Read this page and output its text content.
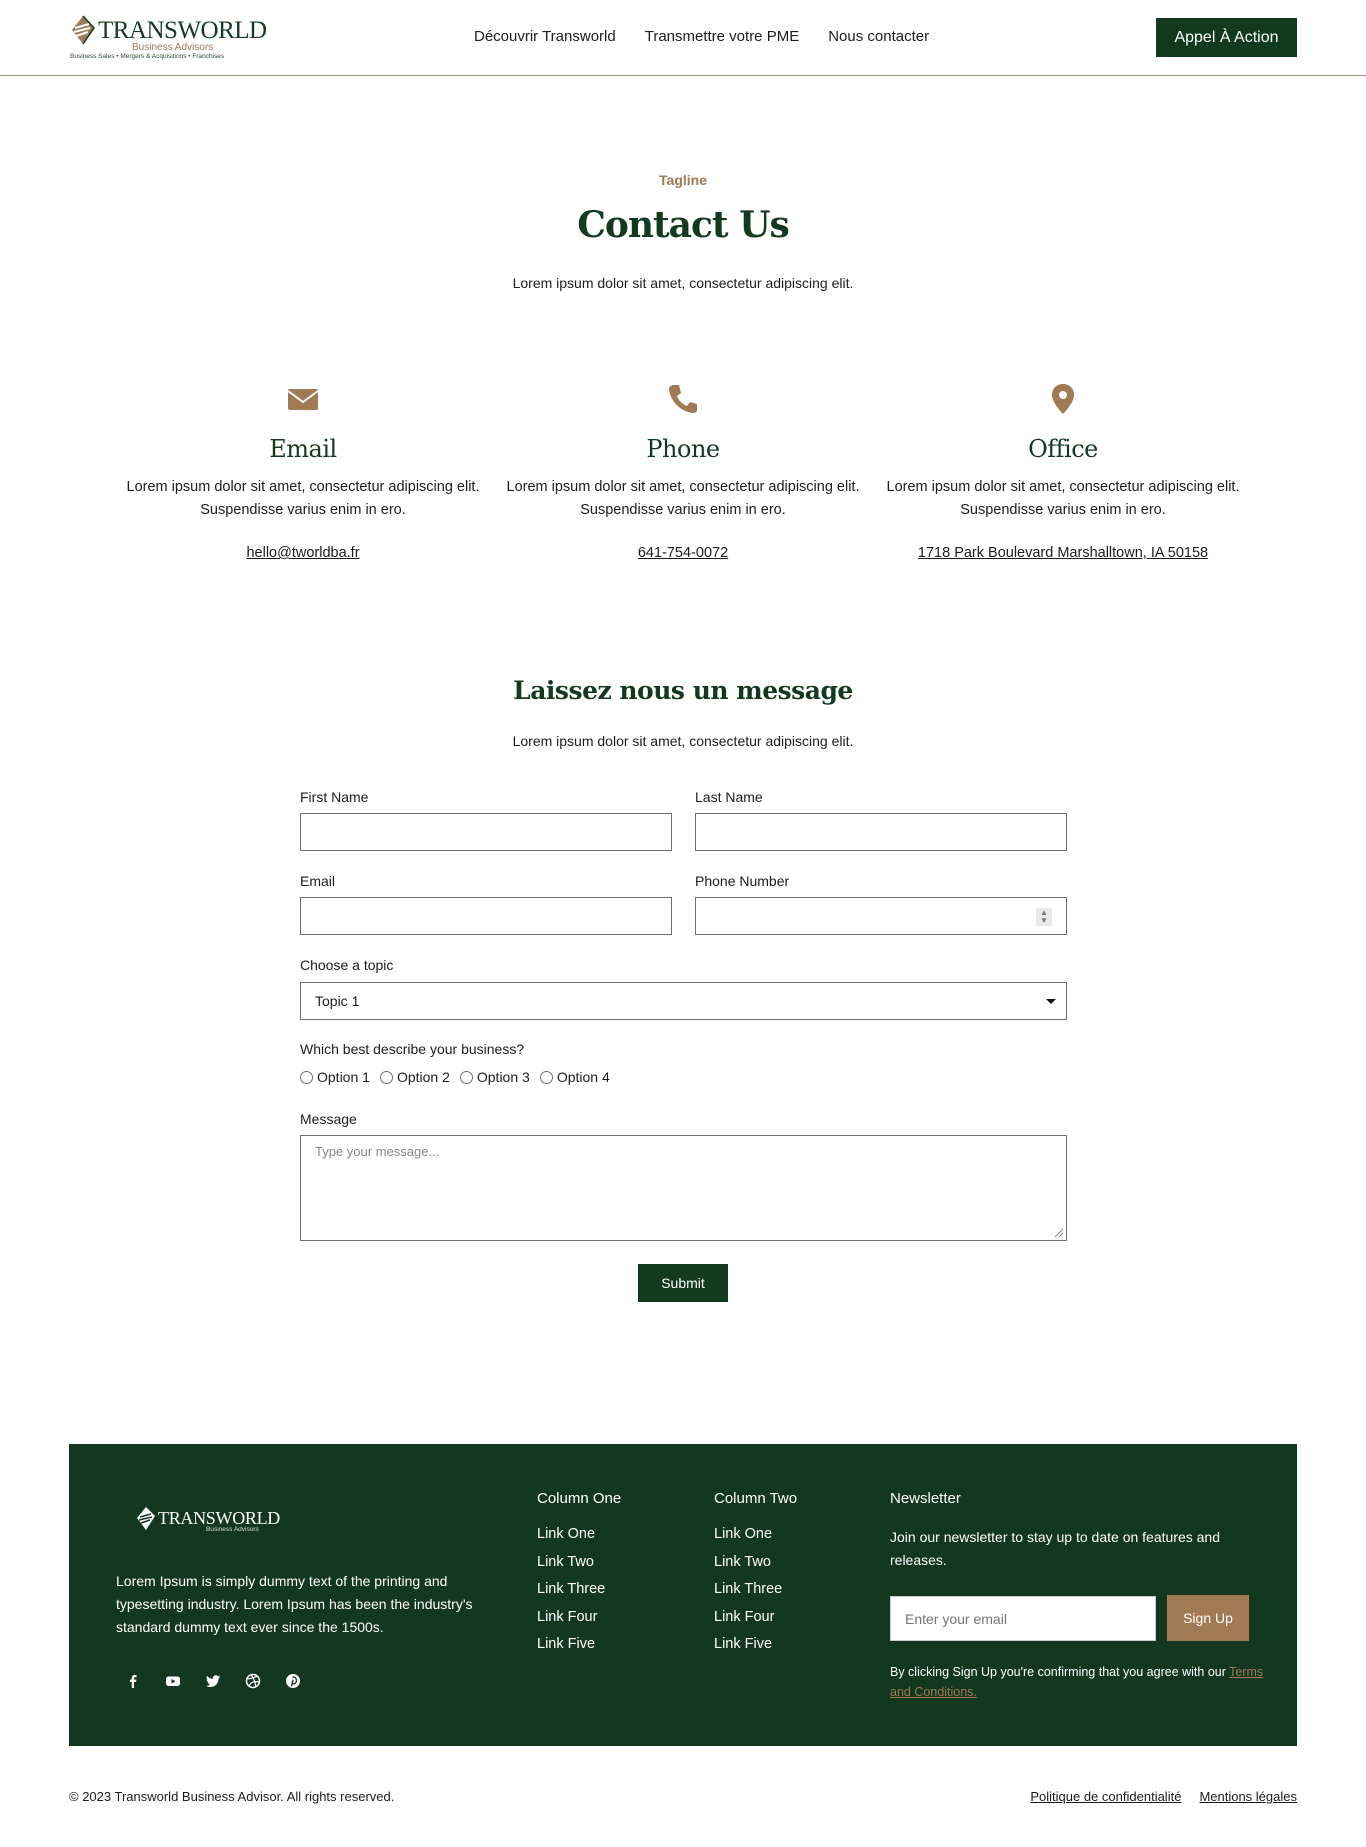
TRANSWORLD
Business Advisors
Business Sales • Mergers & Acquisitions • Franchises
Découvrir Transworld Transmettre votre PME Nous contacter	Appel À Action
Tagline
Contact Us

Lorem ipsum dolor sit amet, consectetur adipiscing elit.

Email
Lorem ipsum dolor sit amet, consectetur adipiscing elit. Suspendisse varius enim in ero.
hello@tworldba.fr
Phone
Lorem ipsum dolor sit amet, consectetur adipiscing elit. Suspendisse varius enim in ero.
641-754-0072
Office
Lorem ipsum dolor sit amet, consectetur adipiscing elit. Suspendisse varius enim in ero.
1718 Park Boulevard Marshalltown, IA 50158
Laissez nous un message

Lorem ipsum dolor sit amet, consectetur adipiscing elit.

First Name	Last Name
Email	Phone Number
▲
▼
Choose a topic
Topic 1
Which best describe your business?
Option 1 Option 2 Option 3 Option 4
Message
Type your message...
Submit
TRANSWORLD
Business Advisors

Lorem Ipsum is simply dummy text of the printing and typesetting industry. Lorem Ipsum has been the industry's standard dummy text ever since the 1500s.

Column One
Link One
Link Two
Link Three
Link Four
Link Five
Column Two
Link One
Link Two
Link Three
Link Four
Link Five
Newsletter

Join our newsletter to stay up to date on features and releases.

Enter your email
Sign Up

By clicking Sign Up you're confirming that you agree with our Terms and Conditions.

© 2023 Transworld Business Advisor. All rights reserved.	Politique de confidentialité Mentions légales
